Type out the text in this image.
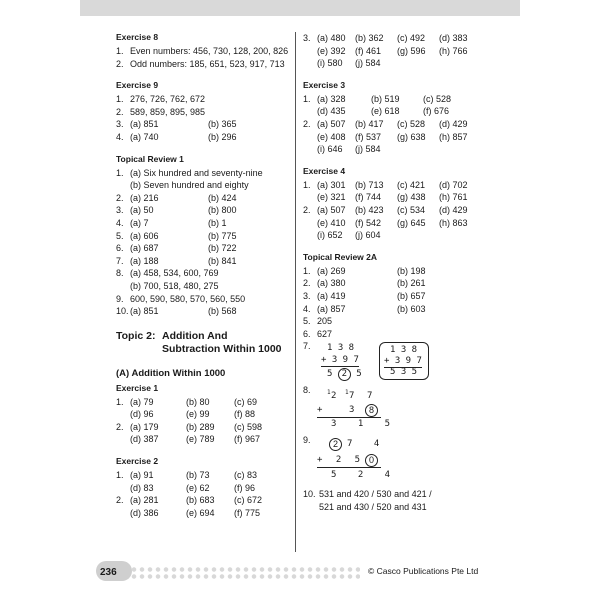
Exercise 8
1. Even numbers: 456, 730, 128, 200, 826
2. Odd numbers: 185, 651, 523, 917, 713
Exercise 9
1. 276, 726, 762, 672
2. 589, 859, 895, 985
3. (a) 851	(b) 365
4. (a) 740	(b) 296
Topical Review 1
1. (a) Six hundred and seventy-nine
(b) Seven hundred and eighty
2. (a) 216	(b) 424
3. (a) 50	(b) 800
4. (a) 7	(b) 1
5. (a) 606	(b) 775
6. (a) 687	(b) 722
7. (a) 188	(b) 841
8. (a) 458, 534, 600, 769
(b) 700, 518, 480, 275
9. 600, 590, 580, 570, 560, 550
10. (a) 851	(b) 568
Topic 2: Addition And Subtraction Within 1000
(A) Addition Within 1000
Exercise 1
1. (a) 79	(b) 80	(c) 69
(d) 96	(e) 99	(f) 88
2. (a) 179	(b) 289 (c) 598
(d) 387	(e) 789 (f) 967
Exercise 2
1. (a) 91	(b) 73	(c) 83
(d) 83	(e) 62	(f) 96
2. (a) 281	(b) 683 (c) 672
(d) 386	(e) 694 (f) 775
3. (a) 480 (b) 362 (c) 492 (d) 383
(e) 392 (f) 461 (g) 596 (h) 766
(i) 580 (j) 584
Exercise 3
1. (a) 328	(b) 519	(c) 528
(d) 435	(e) 618	(f) 676
2. (a) 507 (b) 417 (c) 528 (d) 429
(e) 408 (f) 537 (g) 638 (h) 857
(i) 646 (j) 584
Exercise 4
1. (a) 301 (b) 713 (c) 421 (d) 702
(e) 321 (f) 744 (g) 438 (h) 761
2. (a) 507 (b) 423 (c) 534 (d) 429
(e) 410 (f) 542 (g) 645 (h) 863
(i) 652 (j) 604
Topical Review 2A
1. (a) 269	(b) 198
2. (a) 380	(b) 261
3. (a) 419	(b) 657
4. (a) 857	(b) 603
5. 205
6. 627
7. 1 3 8
+ 3 9 7
5 2 5
1 3 8
+ 3 9 7
5 3 5
8.	1 2 1 7 7
+	3	8
3 1 5
9.	2	7 4
+ 2 5 0
5 2 4
10. 531 and 420 / 530 and 421 /
521 and 430 / 520 and 431
236	© Casco Publications Pte Ltd
